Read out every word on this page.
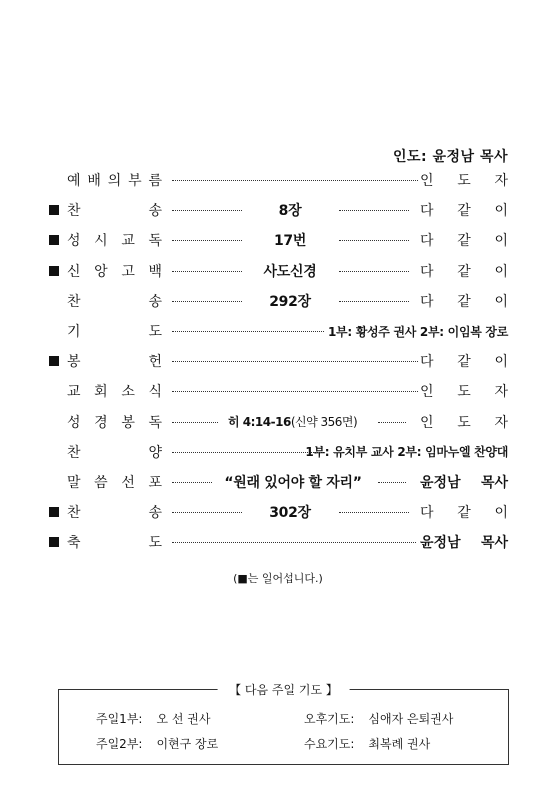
인도: 윤정남 목사
예 배 의 부 름	인 도 자
찬	송	8장	다 같 이
성 시 교 독	17번	다 같 이
신 앙 고 백	사도신경	다 같 이
찬	송	292장	다 같 이
기	도	1부: 황성주 권사 2부: 이임복 장로
봉	헌	다 같 이
교 회 소 식	인 도 자
성 경 봉 독	히 4:14-16(신약 356면)	인 도 자
찬	양	1부: 유치부 교사 2부: 임마누엘 찬양대
말 씀 선 포	“원래 있어야 할 자리”	윤정남 목사
찬	송	302장	다 같 이
축	도	윤정남 목사
(■는 일어섭니다.)
【 다음 주일 기도 】
주일1부: 오 선 권사	오후기도: 심애자 은퇴권사
주일2부: 이현구 장로	수요기도: 최복례 권사
